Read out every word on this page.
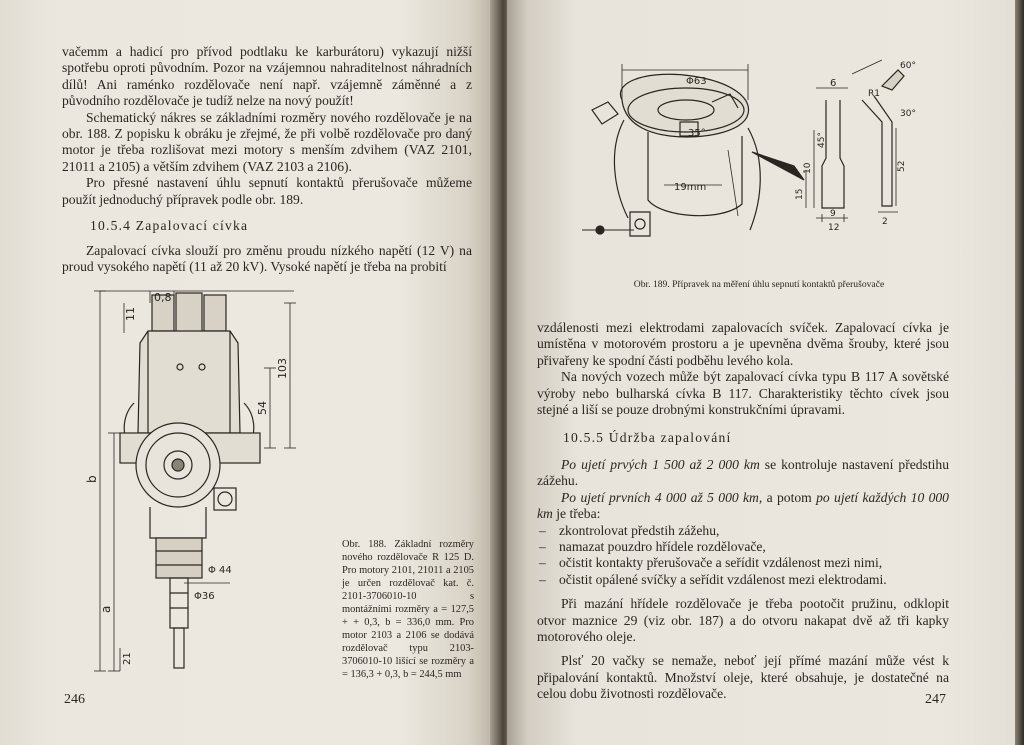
vačemm a hadicí pro přívod podtlaku ke karburátoru) vykazují nižší spotřebu oproti původním. Pozor na vzájemnou nahraditelnost náhradních dílů! Ani raménko rozdělovače není např. vzájemně záměnné a z původního rozdělovače je tudíž nelze na nový použít!

Schematický nákres se základními rozměry nového rozdělovače je na obr. 188. Z popisku k obráku je zřejmé, že při volbě rozdělovače pro daný motor je třeba rozlišovat mezi motory s menším zdvihem (VAZ 2101, 21011 a 2105) a větším zdvihem (VAZ 2103 a 2106).

Pro přesné nastavení úhlu sepnutí kontaktů přerušovače můžeme použít jednoduchý přípravek podle obr. 189.

10.5.4 Zapalovací cívka
Zapalovací cívka slouží pro změnu proudu nízkého napětí (12 V) na proud vysokého napětí (11 až 20 kV). Vysoké napětí je třeba na probití
0,8
11
103
54
b
a
Φ 44
Φ36
21
Obr. 188. Základní rozměry nového rozdělovače R 125 D. Pro motory 2101, 21011 a 2105 je určen rozdělovač kat. č. 2101-3706010-10 s montážními rozměry a = 127,5 + + 0,3, b = 336,0 mm. Pro motor 2103 a 2106 se dodává rozdělovač typu 2103-3706010-10 lišící se rozměry a = 136,3 + 0,3, b = 244,5 mm
246
Φ63
35°
19mm
6
45°
10
15
9
12
60°
30°
R1
52
2
Obr. 189. Přípravek na měření úhlu sepnutí kontaktů přerušovače

vzdálenosti mezi elektrodami zapalovacích svíček. Zapalovací cívka je umístěna v motorovém prostoru a je upevněna dvěma šrouby, které jsou přivařeny ke spodní části podběhu levého kola.

Na nových vozech může být zapalovací cívka typu B 117 A sovětské výroby nebo bulharská cívka B 117. Charakteristiky těchto cívek jsou stejné a liší se pouze drobnými konstrukčními úpravami.

10.5.5 Údržba zapalování

Po ujetí prvých 1 500 až 2 000 km se kontroluje nastavení předstihu zážehu.

Po ujetí prvních 4 000 až 5 000 km, a potom po ujetí každých 10 000 km je třeba:

– zkontrolovat předstih zážehu,
– namazat pouzdro hřídele rozdělovače,
– očistit kontakty přerušovače a seřídit vzdálenost mezi nimi,
– očistit opálené svíčky a seřídit vzdálenost mezi elektrodami.

Při mazání hřídele rozdělovače je třeba pootočit pružinu, odklopit otvor maznice 29 (viz obr. 187) a do otvoru nakapat dvě až tři kapky motorového oleje.

Plsť 20 vačky se nemaže, neboť její přímé mazání může vést k připalování kontaktů. Množství oleje, které obsahuje, je dostatečné na celou dobu životnosti rozdělovače.	247
